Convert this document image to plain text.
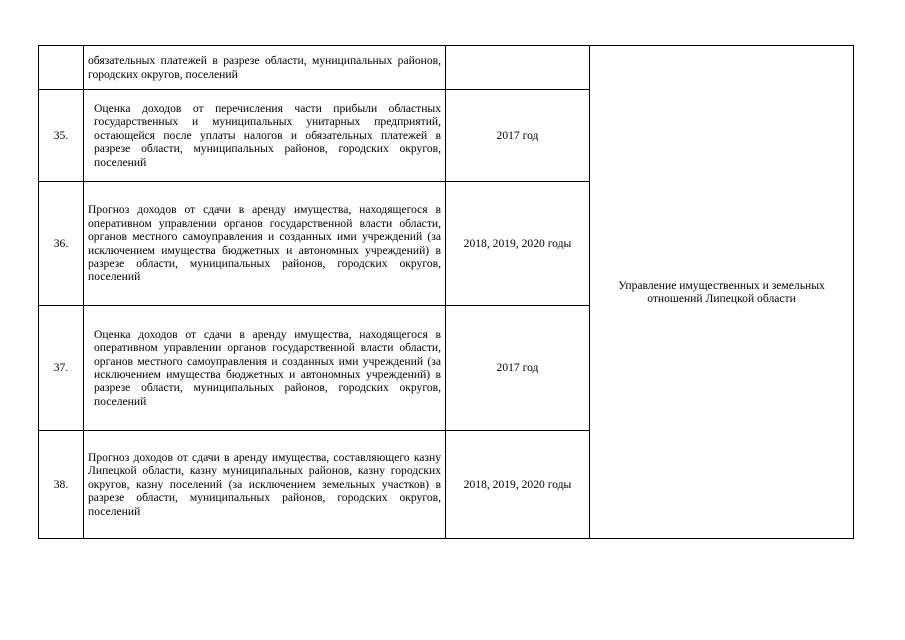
	обязательных платежей в разрезе области, муниципальных районов, городских округов, поселений		Управление имущественных и земельных отношений Липецкой области
35.	Оценка доходов от перечисления части прибыли областных государственных и муниципальных унитарных предприятий, остающейся после уплаты налогов и обязательных платежей в разрезе области, муниципальных районов, городских округов, поселений	2017 год	
36.	Прогноз доходов от сдачи в аренду имущества, находящегося в оперативном управлении органов государственной власти области, органов местного самоуправления и созданных ими учреждений (за исключением имущества бюджетных и автономных учреждений) в разрезе области, муниципальных районов, городских округов, поселений	2018, 2019, 2020 годы	

37.	Оценка доходов от сдачи в аренду имущества, находящегося в оперативном управлении органов государственной власти области, органов местного самоуправления и созданных ими учреждений (за исключением имущества бюджетных и автономных учреждений) в разрезе области, муниципальных районов, городских округов, поселений	2017 год	
38.	Прогноз доходов от сдачи в аренду имущества, составляющего казну Липецкой области, казну муниципальных районов, казну городских округов, казну поселений (за исключением земельных участков) в разрезе области, муниципальных районов, городских округов, поселений	2018, 2019, 2020 годы	
